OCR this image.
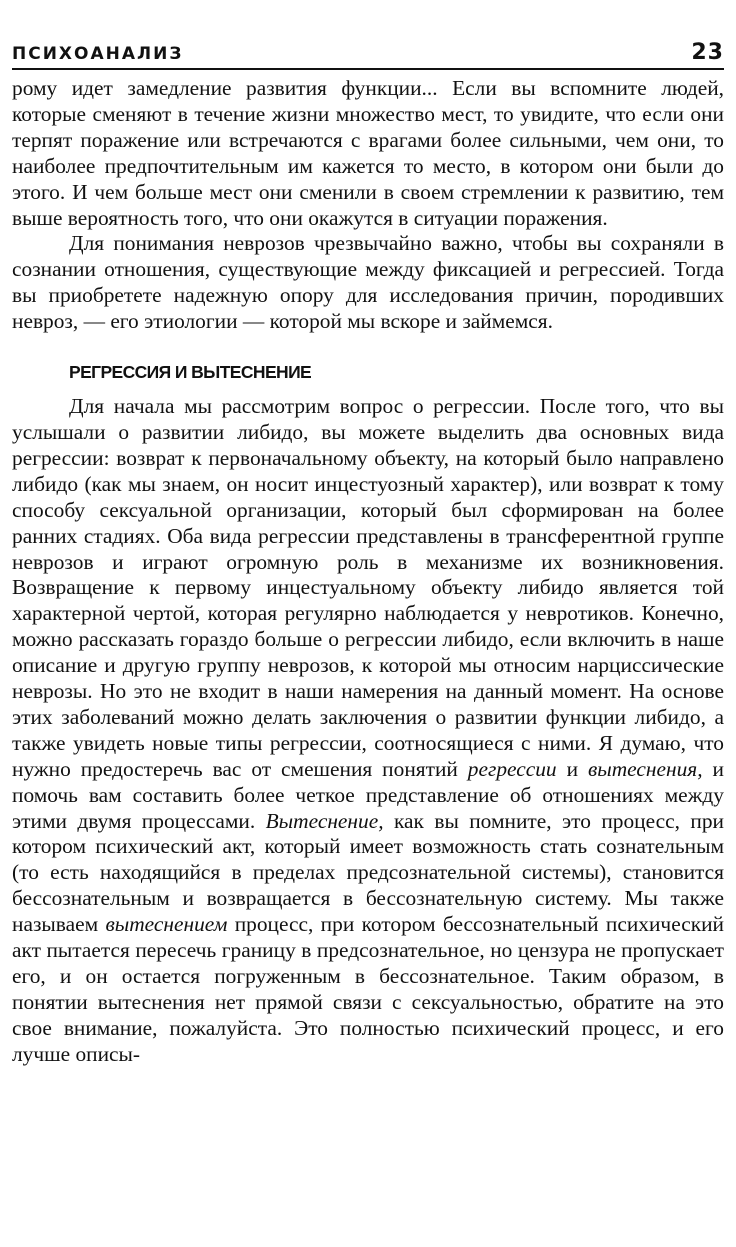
ПСИХОАНАЛИЗ	23

рому идет замедление развития функции... Если вы вспомните людей, которые сменяют в течение жизни множество мест, то увидите, что если они терпят поражение или встречаются с врагами более сильными, чем они, то наиболее предпочтительным им кажется то место, в котором они были до этого. И чем больше мест они сменили в своем стремлении к развитию, тем выше вероятность того, что они окажутся в ситуации поражения.

Для понимания неврозов чрезвычайно важно, чтобы вы сохраняли в сознании отношения, существующие между фиксацией и регрессией. Тогда вы приобретете надежную опору для исследования причин, породивших невроз, — его этиологии — которой мы вскоре и займемся.

РЕГРЕССИЯ И ВЫТЕСНЕНИЕ

Для начала мы рассмотрим вопрос о регрессии. После того, что вы услышали о развитии либидо, вы можете выделить два основных вида регрессии: возврат к первоначальному объекту, на который было направлено либидо (как мы знаем, он носит инцестуозный характер), или возврат к тому способу сексуальной организации, который был сформирован на более ранних стадиях. Оба вида регрессии представлены в трансферентной группе неврозов и играют огромную роль в механизме их возникновения. Возвращение к первому инцестуальному объекту либидо является той характерной чертой, которая регулярно наблюдается у невротиков. Конечно, можно рассказать гораздо больше о регрессии либидо, если включить в наше описание и другую группу неврозов, к которой мы относим нарциссические неврозы. Но это не входит в наши намерения на данный момент. На основе этих заболеваний можно делать заключения о развитии функции либидо, а также увидеть новые типы регрессии, соотносящиеся с ними. Я думаю, что нужно предостеречь вас от смешения понятий регрессии и вытеснения, и помочь вам составить более четкое представление об отношениях между этими двумя процессами. Вытеснение, как вы помните, это процесс, при котором психический акт, который имеет возможность стать сознательным (то есть находящийся в пределах предсознательной системы), становится бессознательным и возвращается в бессознательную систему. Мы также называем вытеснением процесс, при котором бессознательный психический акт пытается пересечь границу в предсознательное, но цензура не пропускает его, и он остается погруженным в бессознательное. Таким образом, в понятии вытеснения нет прямой связи с сексуальностью, обратите на это свое внимание, пожалуйста. Это полностью психический процесс, и его лучше описы-
